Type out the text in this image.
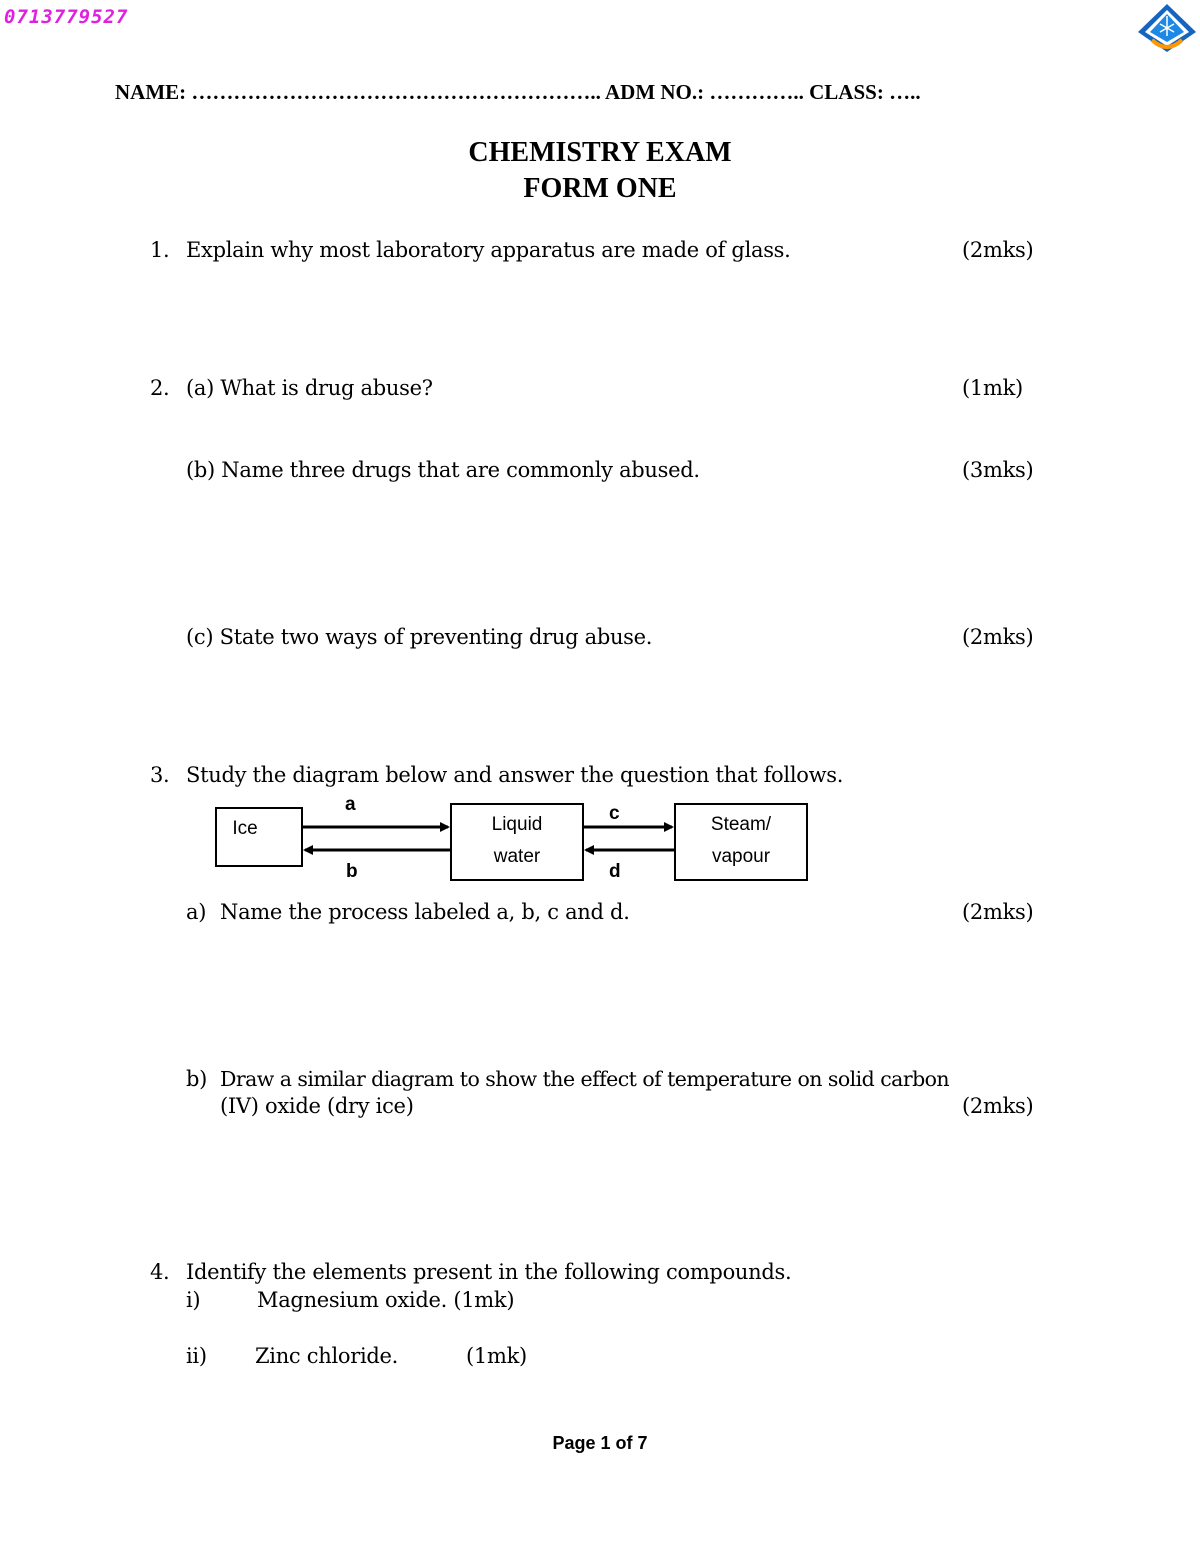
0713779527
NAME: ………………………………………………….. ADM NO.: ………….. CLASS: …..
CHEMISTRY EXAM
FORM ONE
1. Explain why most laboratory apparatus are made of glass.	(2mks)
2. (a) What is drug abuse?	(1mk)
(b) Name three drugs that are commonly abused.	(3mks)
(c) State two ways of preventing drug abuse.	(2mks)
3. Study the diagram below and answer the question that follows.
Ice	Liquid
water
Steam/
vapour
a
b
c
d
a) Name the process labeled a, b, c and d.	(2mks)
b) Draw a similar diagram to show the effect of temperature on solid carbon
(IV) oxide (dry ice)	(2mks)
4. Identify the elements present in the following compounds.
i)	Magnesium oxide. (1mk)
ii) Zinc chloride.	(1mk)
Page 1 of 7
